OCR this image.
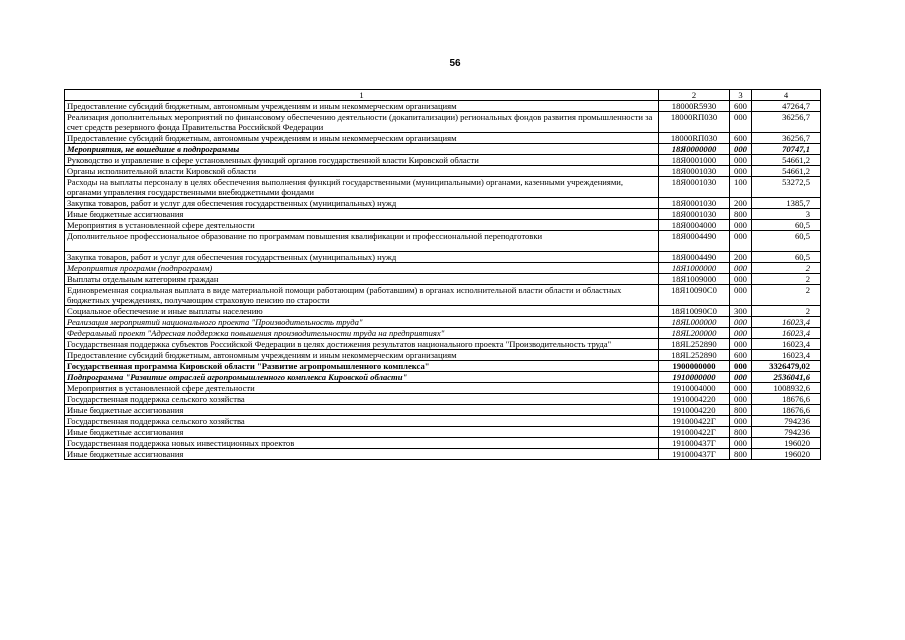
56
1	2	3	4
Предоставление субсидий бюджетным, автономным учреждениям и иным некоммерческим организациям	18000R5930	600	47264,7
Реализация дополнительных мероприятий по финансовому обеспечению деятельности (докапитализации) региональных фондов развития промышленности за счет средств резервного фонда Правительства Российской Федерации	18000RП030	000	36256,7
Предоставление субсидий бюджетным, автономным учреждениям и иным некоммерческим организациям	18000RП030	600	36256,7
Мероприятия, не вошедшие в подпрограммы	18Я0000000	000	70747,1
Руководство и управление в сфере установленных функций органов государственной власти Кировской области	18Я0001000	000	54661,2
Органы исполнительной власти Кировской области	18Я0001030	000	54661,2
Расходы на выплаты персоналу в целях обеспечения выполнения функций государственными (муниципальными) органами, казенными учреждениями, органами управления государственными внебюджетными фондами	18Я0001030	100	53272,5
Закупка товаров, работ и услуг для обеспечения государственных (муниципальных) нужд	18Я0001030	200	1385,7
Иные бюджетные ассигнования	18Я0001030	800	3
Мероприятия в установленной сфере деятельности	18Я0004000	000	60,5
Дополнительное профессиональное образование по программам повышения квалификации и профессиональной переподготовки	18Я0004490	000	60,5
Закупка товаров, работ и услуг для обеспечения государственных (муниципальных) нужд	18Я0004490	200	60,5
Мероприятия программ (подпрограмм)	18Я1000000	000	2
Выплаты отдельным категориям граждан	18Я1009000	000	2
Единовременная социальная выплата в виде материальной помощи работающим (работавшим) в органах исполнительной власти области и областных бюджетных учреждениях, получающим страховую пенсию по старости	18Я10090С0	000	2
Социальное обеспечение и иные выплаты населению	18Я10090С0	300	2
Реализация мероприятий национального проекта "Производительность труда"	18ЯL000000	000	16023,4
Федеральный проект "Адресная поддержка повышения производительности труда на предприятиях"	18ЯL200000	000	16023,4
Государственная поддержка субъектов Российской Федерации в целях достижения результатов национального проекта "Производительность труда"	18ЯL252890	000	16023,4
Предоставление субсидий бюджетным, автономным учреждениям и иным некоммерческим организациям	18ЯL252890	600	16023,4
Государственная программа Кировской области "Развитие агропромышленного комплекса"	1900000000	000	3326479,02
Подпрограмма "Развитие отраслей агропромышленного комплекса Кировской области"	1910000000	000	2536041,6
Мероприятия в установленной сфере деятельности	1910004000	000	1008932,6
Государственная поддержка сельского хозяйства	1910004220	000	18676,6
Иные бюджетные ассигнования	1910004220	800	18676,6
Государственная поддержка сельского хозяйства	191000422Г	000	794236
Иные бюджетные ассигнования	191000422Г	800	794236
Государственная поддержка новых инвестиционных проектов	191000437Г	000	196020
Иные бюджетные ассигнования	191000437Г	800	196020
